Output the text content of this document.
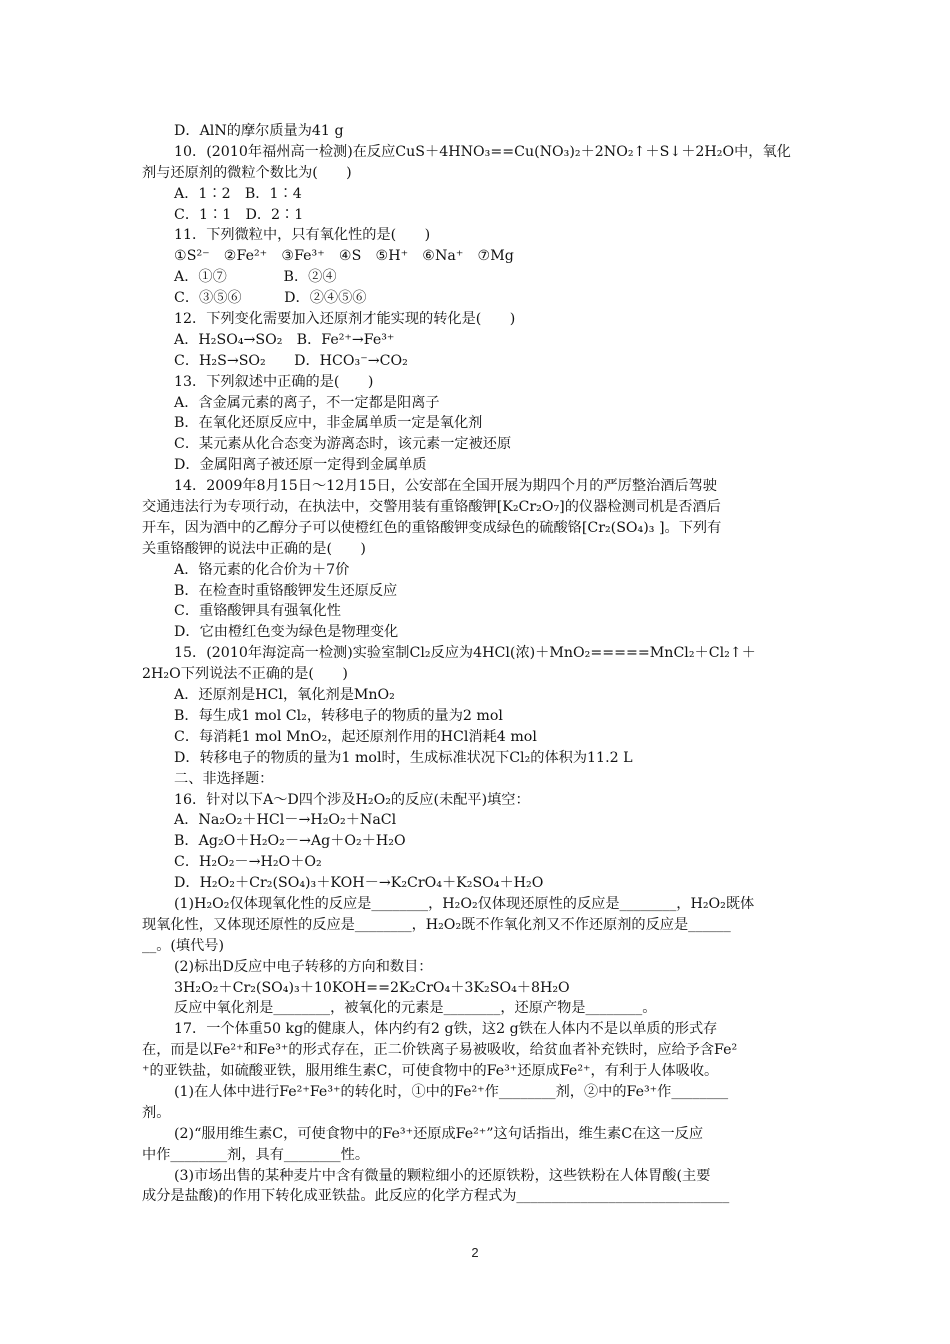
D．AlN的摩尔质量为41 g
10．(2010年福州高一检测)在反应CuS＋4HNO₃==Cu(NO₃)₂＋2NO₂↑＋S↓＋2H₂O中，氧化
剂与还原剂的微粒个数比为(　　)
A．1∶2　B．1∶4
C．1∶1　D．2∶1
11．下列微粒中，只有氧化性的是(　　)
①S²⁻　②Fe²⁺　③Fe³⁺　④S　⑤H⁺　⑥Na⁺　⑦Mg
A．①⑦　　　　B．②④
C．③⑤⑥　　　D．②④⑤⑥
12．下列变化需要加入还原剂才能实现的转化是(　　)
A．H₂SO₄→SO₂　B．Fe²⁺→Fe³⁺
C．H₂S→SO₂　　D．HCO₃⁻→CO₂
13．下列叙述中正确的是(　　)
A．含金属元素的离子，不一定都是阳离子
B．在氧化还原反应中，非金属单质一定是氧化剂
C．某元素从化合态变为游离态时，该元素一定被还原
D．金属阳离子被还原一定得到金属单质
14．2009年8月15日～12月15日，公安部在全国开展为期四个月的严厉整治酒后驾驶
交通违法行为专项行动，在执法中，交警用装有重铬酸钾[K₂Cr₂O₇]的仪器检测司机是否酒后
开车，因为酒中的乙醇分子可以使橙红色的重铬酸钾变成绿色的硫酸铬[Cr₂(SO₄)₃ ]。下列有
关重铬酸钾的说法中正确的是(　　)
A．铬元素的化合价为＋7价
B．在检查时重铬酸钾发生还原反应
C．重铬酸钾具有强氧化性
D．它由橙红色变为绿色是物理变化
15．(2010年海淀高一检测)实验室制Cl₂反应为4HCl(浓)＋MnO₂=====MnCl₂＋Cl₂↑＋
2H₂O下列说法不正确的是(　　)
A．还原剂是HCl，氧化剂是MnO₂
B．每生成1 mol Cl₂，转移电子的物质的量为2 mol
C．每消耗1 mol MnO₂，起还原剂作用的HCl消耗4 mol
D．转移电子的物质的量为1 mol时，生成标准状况下Cl₂的体积为11.2 L
二、非选择题：
16．针对以下A～D四个涉及H₂O₂的反应(未配平)填空：
A．Na₂O₂＋HCl－→H₂O₂＋NaCl
B．Ag₂O＋H₂O₂－→Ag＋O₂＋H₂O
C．H₂O₂－→H₂O＋O₂
D．H₂O₂＋Cr₂(SO₄)₃＋KOH－→K₂CrO₄＋K₂SO₄＋H₂O
(1)H₂O₂仅体现氧化性的反应是________，H₂O₂仅体现还原性的反应是________，H₂O₂既体
现氧化性，又体现还原性的反应是________，H₂O₂既不作氧化剂又不作还原剂的反应是______
__。(填代号)
(2)标出D反应中电子转移的方向和数目：
3H₂O₂＋Cr₂(SO₄)₃＋10KOH==2K₂CrO₄＋3K₂SO₄＋8H₂O
反应中氧化剂是________，被氧化的元素是________，还原产物是________。
17．一个体重50 kg的健康人，体内约有2 g铁，这2 g铁在人体内不是以单质的形式存
在，而是以Fe²⁺和Fe³⁺的形式存在，正二价铁离子易被吸收，给贫血者补充铁时，应给予含Fe²
⁺的亚铁盐，如硫酸亚铁，服用维生素C，可使食物中的Fe³⁺还原成Fe²⁺，有利于人体吸收。
(1)在人体中进行Fe²⁺Fe³⁺的转化时，①中的Fe²⁺作________剂，②中的Fe³⁺作________
剂。
(2)“服用维生素C，可使食物中的Fe³⁺还原成Fe²⁺”这句话指出，维生素C在这一反应
中作________剂，具有________性。
(3)市场出售的某种麦片中含有微量的颗粒细小的还原铁粉，这些铁粉在人体胃酸(主要
成分是盐酸)的作用下转化成亚铁盐。此反应的化学方程式为______________________________
2
